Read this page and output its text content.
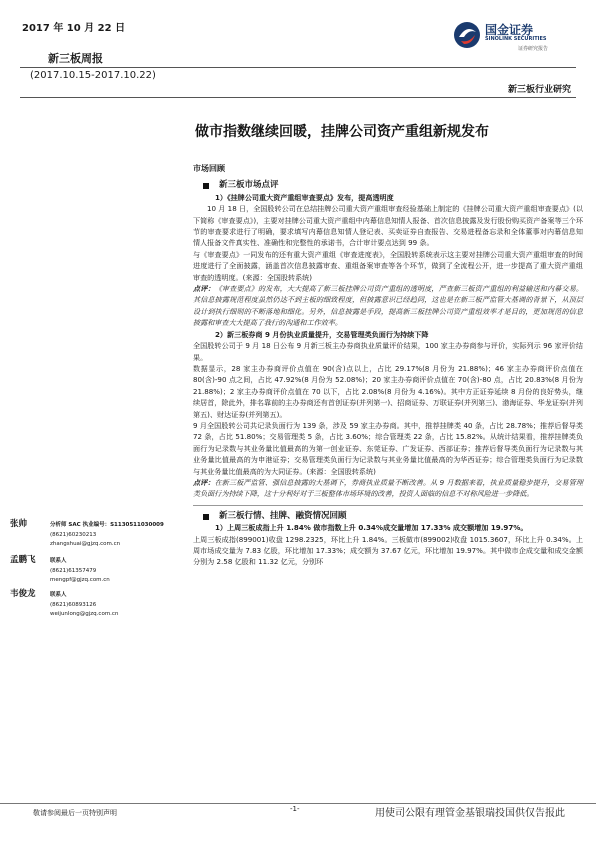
2017 年 10 月 22 日
新三板周报
(2017.10.15-2017.10.22)
新三板行业研究
国金证券
SINOLINK SECURITIES
证券研究报告
做市指数继续回暖，挂牌公司资产重组新规发布
张帅	分析师 SAC 执业编号：S1130511030009
(8621)60230213
zhangshuai@gjzq.com.cn
孟鹏飞	联系人
(8621)61357479
mengpf@gjzq.com.cn
韦俊龙	联系人
(8621)60893126
weijunlong@gjzq.com.cn
市场回顾
新三板市场点评
1）《挂牌公司重大资产重组审查要点》发布，提高透明度
10 月 18 日，全国股转公司在总结挂牌公司重大资产重组审查经验基础上制定的《挂牌公司重大资产重组审查要点》(以下简称《审查要点》)，主要对挂牌公司重大资产重组中内幕信息知情人报备、首次信息披露及发行股份购买资产备案等三个环节的审查要求进行了明确，要求填写内幕信息知情人登记表、买卖证券自查报告、交易进程备忘录和全体董事对内幕信息知情人报备文件真实性、准确性和完整性的承诺书，合计审计要点达到 99 条。
与《审查要点》一同发布的还有重大资产重组《审查进度表》，全国股转系统表示这主要对挂牌公司重大资产重组审查的时间进度进行了全面披露，涵盖首次信息披露审查、重组备案审查等各个环节，做到了全流程公开，进一步提高了重大资产重组审查的透明度。(来源：全国股转系统)
点评：《审查要点》的发布，大大提高了新三板挂牌公司资产重组的透明度，严查新三板资产重组的利益输送和内幕交易。其信息披露规范程度虽然仍达不到主板的细致程度，但披露意识已经趋同，这也是在新三板严监管大基调的背景下，从顶层设计到执行细则的不断落地和细化。另外，信息披露是手段，提高新三板挂牌公司资产重组效率才是目的，更加规范的信息披露和审查大大提高了我行的沟通和工作效率。
2）新三板券商 9 月份执业质量提升，交易管理类负面行为持续下降
全国股转公司于 9 月 18 日公布 9 月新三板主办券商执业质量评价结果，100 家主办券商参与评价，实际列示 96 家评价结果。
数据显示，28 家主办券商评价点值在 90(含)点以上，占比 29.17%(8 月份为 21.88%)；46 家主办券商评价点值在 80(含)-90 点之间，占比 47.92%(8 月份为 52.08%)；20 家主办券商评价点值在 70(含)-80 点，占比 20.83%(8 月份为 21.88%)；2 家主办券商评价点值在 70 以下，占比 2.08%(8 月份为 4.16%)。其中方正证券延续 8 月份的良好势头，继续居首，除此外，排名靠前的主办券商还有首创证券(并列第一)、招商证券、万联证券(并列第三)、渤海证券、华龙证券(并列第五)、财达证券(并列第五)。
9 月全国股转公司共记录负面行为 139 条，涉及 59 家主办券商。其中，推荐挂牌类 40 条，占比 28.78%；推荐后督导类 72 条，占比 51.80%；交易管理类 5 条，占比 3.60%；综合管理类 22 条，占比 15.82%。从统计结果看，推荐挂牌类负面行为记录数与其业务量比值最高的为第一创业证券、东莞证券、广发证券、西部证券；推荐后督导类负面行为记录数与其业务量比值最高的为申港证券；交易管理类负面行为记录数与其业务量比值最高的为华西证券；综合管理类负面行为记录数与其业务量比值最高的为大同证券。(来源：全国股转系统)
点评：在新三板严监管、强信息披露的大基调下，券商执业质量不断改善。从 9 月数据来看，执业质量稳步提升，交易管理类负面行为持续下降，这十分利好对于三板整体市场环境的改善，投资人面临的信息不对称风险进一步降低。
新三板行情、挂牌、融资情况回顾
1）上周三板成指上升 1.84% 做市指数上升 0.34%成交量增加 17.33% 成交额增加 19.97%。
上周三板成指(899001)收盘 1298.2325，环比上升 1.84%。三板做市(899002)收盘 1015.3607，环比上升 0.34%。上周市场成交量为 7.83 亿股，环比增加 17.33%；成交额为 37.67 亿元，环比增加 19.97%。其中做市企成交量和成交金额分别为 2.58 亿股和 11.32 亿元，分别环
敬请参阅最后一页特别声明	-1-	用使司公限有理管金基银瑞投国供仅告报此
